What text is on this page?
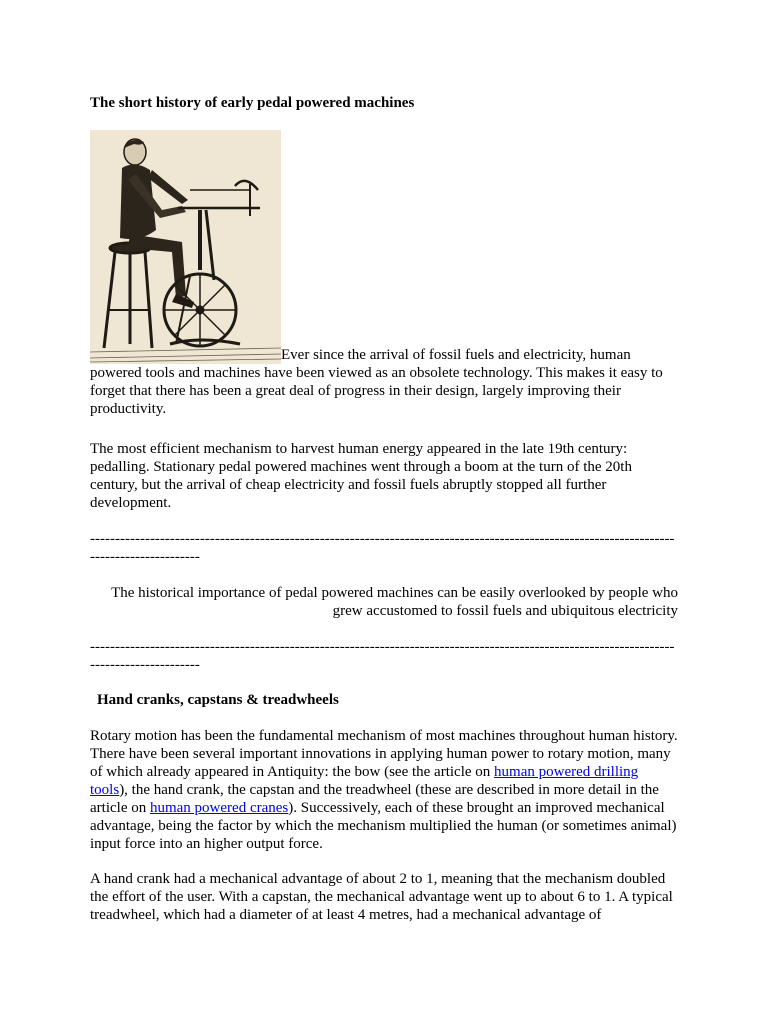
The short history of early pedal powered machines

Ever since the arrival of fossil fuels and electricity, human powered tools and machines have been viewed as an obsolete technology. This makes it easy to forget that there has been a great deal of progress in their design, largely improving their productivity.

The most efficient mechanism to harvest human energy appeared in the late 19th century: pedalling. Stationary pedal powered machines went through a boom at the turn of the 20th century, but the arrival of cheap electricity and fossil fuels abruptly stopped all further development.

-------------------------------------------------------------------------------------------------------------------------------------------

The historical importance of pedal powered machines can be easily overlooked by people who grew accustomed to fossil fuels and ubiquitous electricity

-------------------------------------------------------------------------------------------------------------------------------------------

Hand cranks, capstans & treadwheels

Rotary motion has been the fundamental mechanism of most machines throughout human history. There have been several important innovations in applying human power to rotary motion, many of which already appeared in Antiquity: the bow (see the article on human powered drilling tools), the hand crank, the capstan and the treadwheel (these are described in more detail in the article on human powered cranes). Successively, each of these brought an improved mechanical advantage, being the factor by which the mechanism multiplied the human (or sometimes animal) input force into an higher output force.

A hand crank had a mechanical advantage of about 2 to 1, meaning that the mechanism doubled the effort of the user. With a capstan, the mechanical advantage went up to about 6 to 1. A typical treadwheel, which had a diameter of at least 4 metres, had a mechanical advantage of
